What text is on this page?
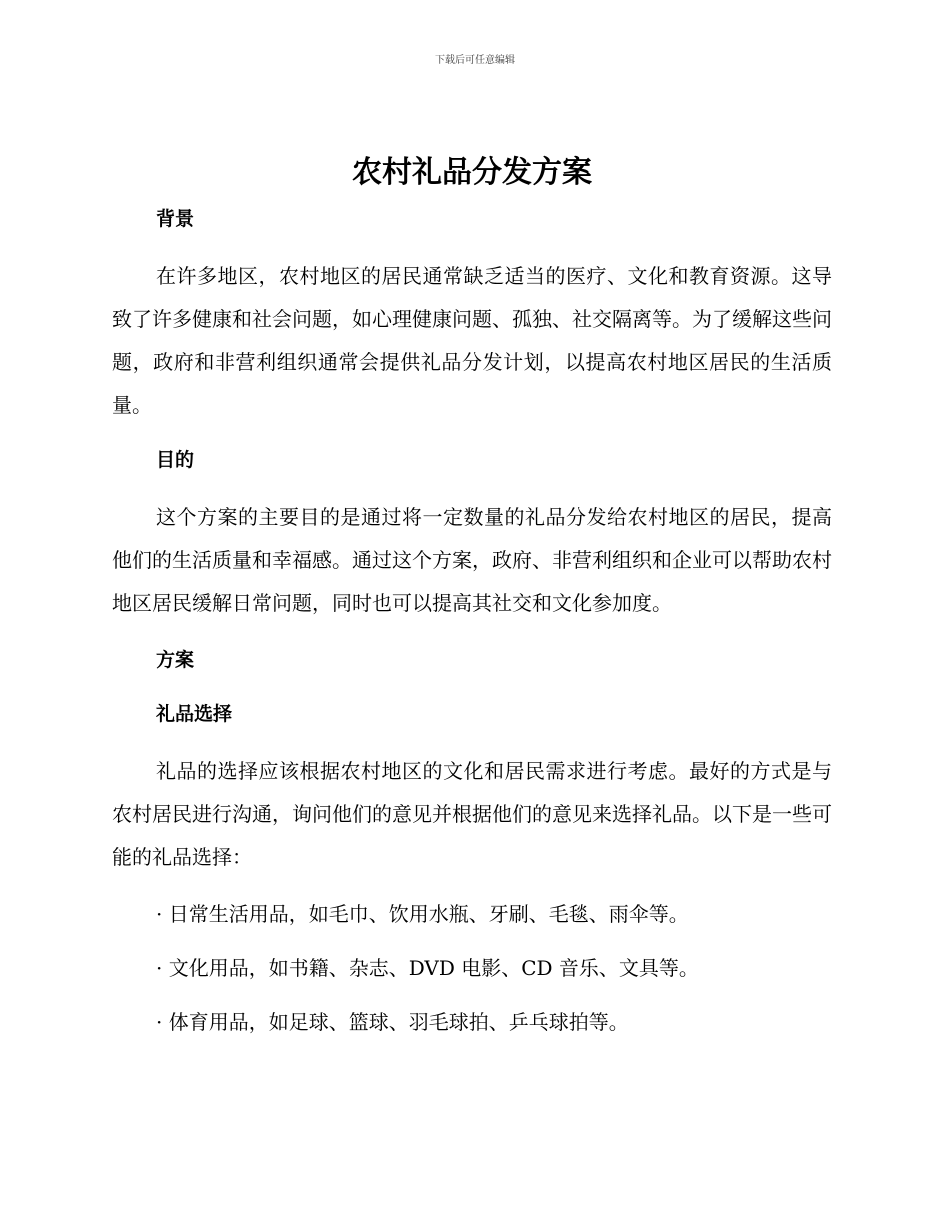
下载后可任意编辑
农村礼品分发方案
背景

在许多地区，农村地区的居民通常缺乏适当的医疗、文化和教育资源。这导致了许多健康和社会问题，如心理健康问题、孤独、社交隔离等。为了缓解这些问题，政府和非营利组织通常会提供礼品分发计划，以提高农村地区居民的生活质量。

目的

这个方案的主要目的是通过将一定数量的礼品分发给农村地区的居民，提高他们的生活质量和幸福感。通过这个方案，政府、非营利组织和企业可以帮助农村地区居民缓解日常问题，同时也可以提高其社交和文化参加度。

方案
礼品选择

礼品的选择应该根据农村地区的文化和居民需求进行考虑。最好的方式是与农村居民进行沟通，询问他们的意见并根据他们的意见来选择礼品。以下是一些可能的礼品选择：

· 日常生活用品，如毛巾、饮用水瓶、牙刷、毛毯、雨伞等。

· 文化用品，如书籍、杂志、DVD 电影、CD 音乐、文具等。

· 体育用品，如足球、篮球、羽毛球拍、乒乓球拍等。
